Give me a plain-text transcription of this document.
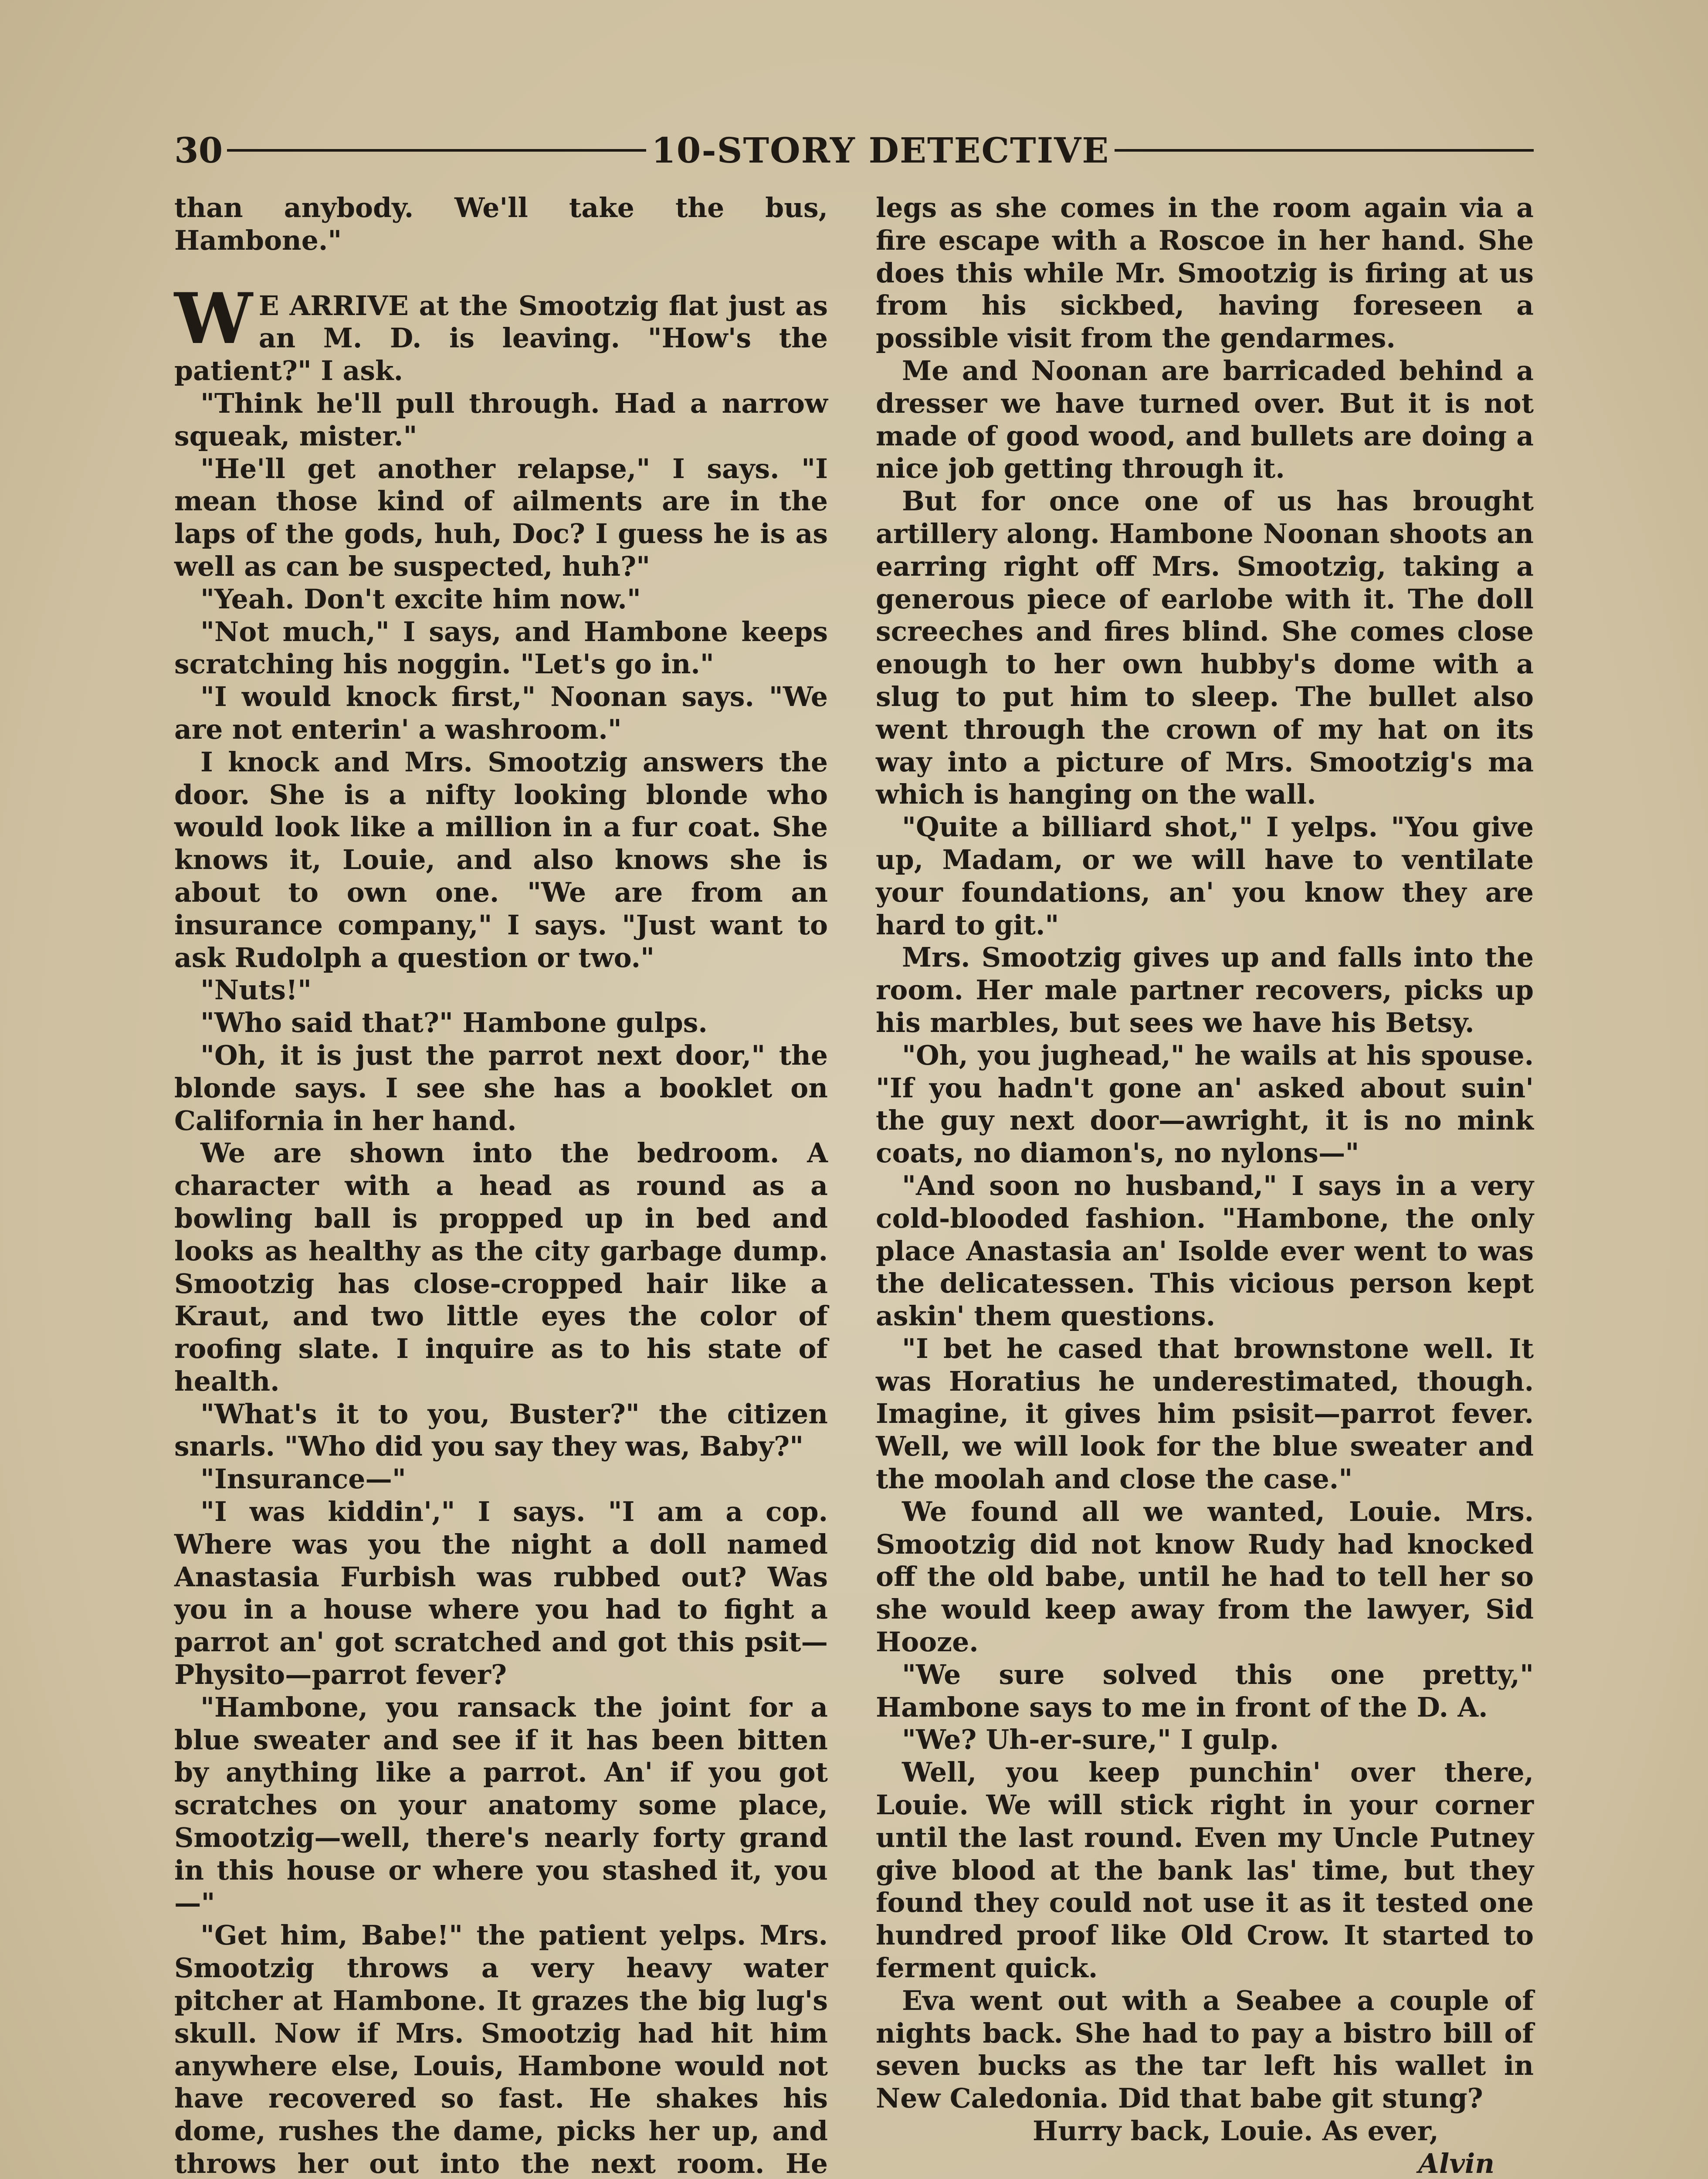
30	10-STORY DETECTIVE

than anybody. We'll take the bus, Hambone."

W E ARRIVE at the Smootzig flat just as an M. D. is leaving. "How's the patient?" I ask.

"Think he'll pull through. Had a narrow squeak, mister."

"He'll get another relapse," I says. "I mean those kind of ailments are in the laps of the gods, huh, Doc? I guess he is as well as can be suspected, huh?"

"Yeah. Don't excite him now."

"Not much," I says, and Hambone keeps scratching his noggin. "Let's go in."

"I would knock first," Noonan says. "We are not enterin' a washroom."

I knock and Mrs. Smootzig answers the door. She is a nifty looking blonde who would look like a million in a fur coat. She knows it, Louie, and also knows she is about to own one. "We are from an insurance company," I says. "Just want to ask Rudolph a question or two."

"Nuts!"

"Who said that?" Hambone gulps.

"Oh, it is just the parrot next door," the blonde says. I see she has a booklet on California in her hand.

We are shown into the bedroom. A character with a head as round as a bowling ball is propped up in bed and looks as healthy as the city garbage dump. Smootzig has close-cropped hair like a Kraut, and two little eyes the color of roofing slate. I inquire as to his state of health.

"What's it to you, Buster?" the citizen snarls. "Who did you say they was, Baby?"

"Insurance—"

"I was kiddin'," I says. "I am a cop. Where was you the night a doll named Anastasia Furbish was rubbed out? Was you in a house where you had to fight a parrot an' got scratched and got this psit—Physito—parrot fever?

"Hambone, you ransack the joint for a blue sweater and see if it has been bitten by anything like a parrot. An' if you got scratches on your anatomy some place, Smootzig—well, there's nearly forty grand in this house or where you stashed it, you—"

"Get him, Babe!" the patient yelps. Mrs. Smootzig throws a very heavy water pitcher at Hambone. It grazes the big lug's skull. Now if Mrs. Smootzig had hit him anywhere else, Louis, Hambone would not have recovered so fast. He shakes his dome, rushes the dame, picks her up, and throws her out into the next room. He

legs as she comes in the room again via a fire escape with a Roscoe in her hand. She does this while Mr. Smootzig is firing at us from his sickbed, having foreseen a possible visit from the gendarmes.

Me and Noonan are barricaded behind a dresser we have turned over. But it is not made of good wood, and bullets are doing a nice job getting through it.

But for once one of us has brought artillery along. Hambone Noonan shoots an earring right off Mrs. Smootzig, taking a generous piece of earlobe with it. The doll screeches and fires blind. She comes close enough to her own hubby's dome with a slug to put him to sleep. The bullet also went through the crown of my hat on its way into a picture of Mrs. Smootzig's ma which is hanging on the wall.

"Quite a billiard shot," I yelps. "You give up, Madam, or we will have to ventilate your foundations, an' you know they are hard to git."

Mrs. Smootzig gives up and falls into the room. Her male partner recovers, picks up his marbles, but sees we have his Betsy.

"Oh, you jughead," he wails at his spouse. "If you hadn't gone an' asked about suin' the guy next door—awright, it is no mink coats, no diamon's, no nylons—"

"And soon no husband," I says in a very cold-blooded fashion. "Hambone, the only place Anastasia an' Isolde ever went to was the delicatessen. This vicious person kept askin' them questions.

"I bet he cased that brownstone well. It was Horatius he underestimated, though. Imagine, it gives him psisit—parrot fever. Well, we will look for the blue sweater and the moolah and close the case."

We found all we wanted, Louie. Mrs. Smootzig did not know Rudy had knocked off the old babe, until he had to tell her so she would keep away from the lawyer, Sid Hooze.

"We sure solved this one pretty," Hambone says to me in front of the D. A.

"We? Uh-er-sure," I gulp.

Well, you keep punchin' over there, Louie. We will stick right in your corner until the last round. Even my Uncle Putney give blood at the bank las' time, but they found they could not use it as it tested one hundred proof like Old Crow. It started to ferment quick.

Eva went out with a Seabee a couple of nights back. She had to pay a bistro bill of seven bucks as the tar left his wallet in New Caledonia. Did that babe git stung?

Hurry back, Louie. As ever,

Alvin
